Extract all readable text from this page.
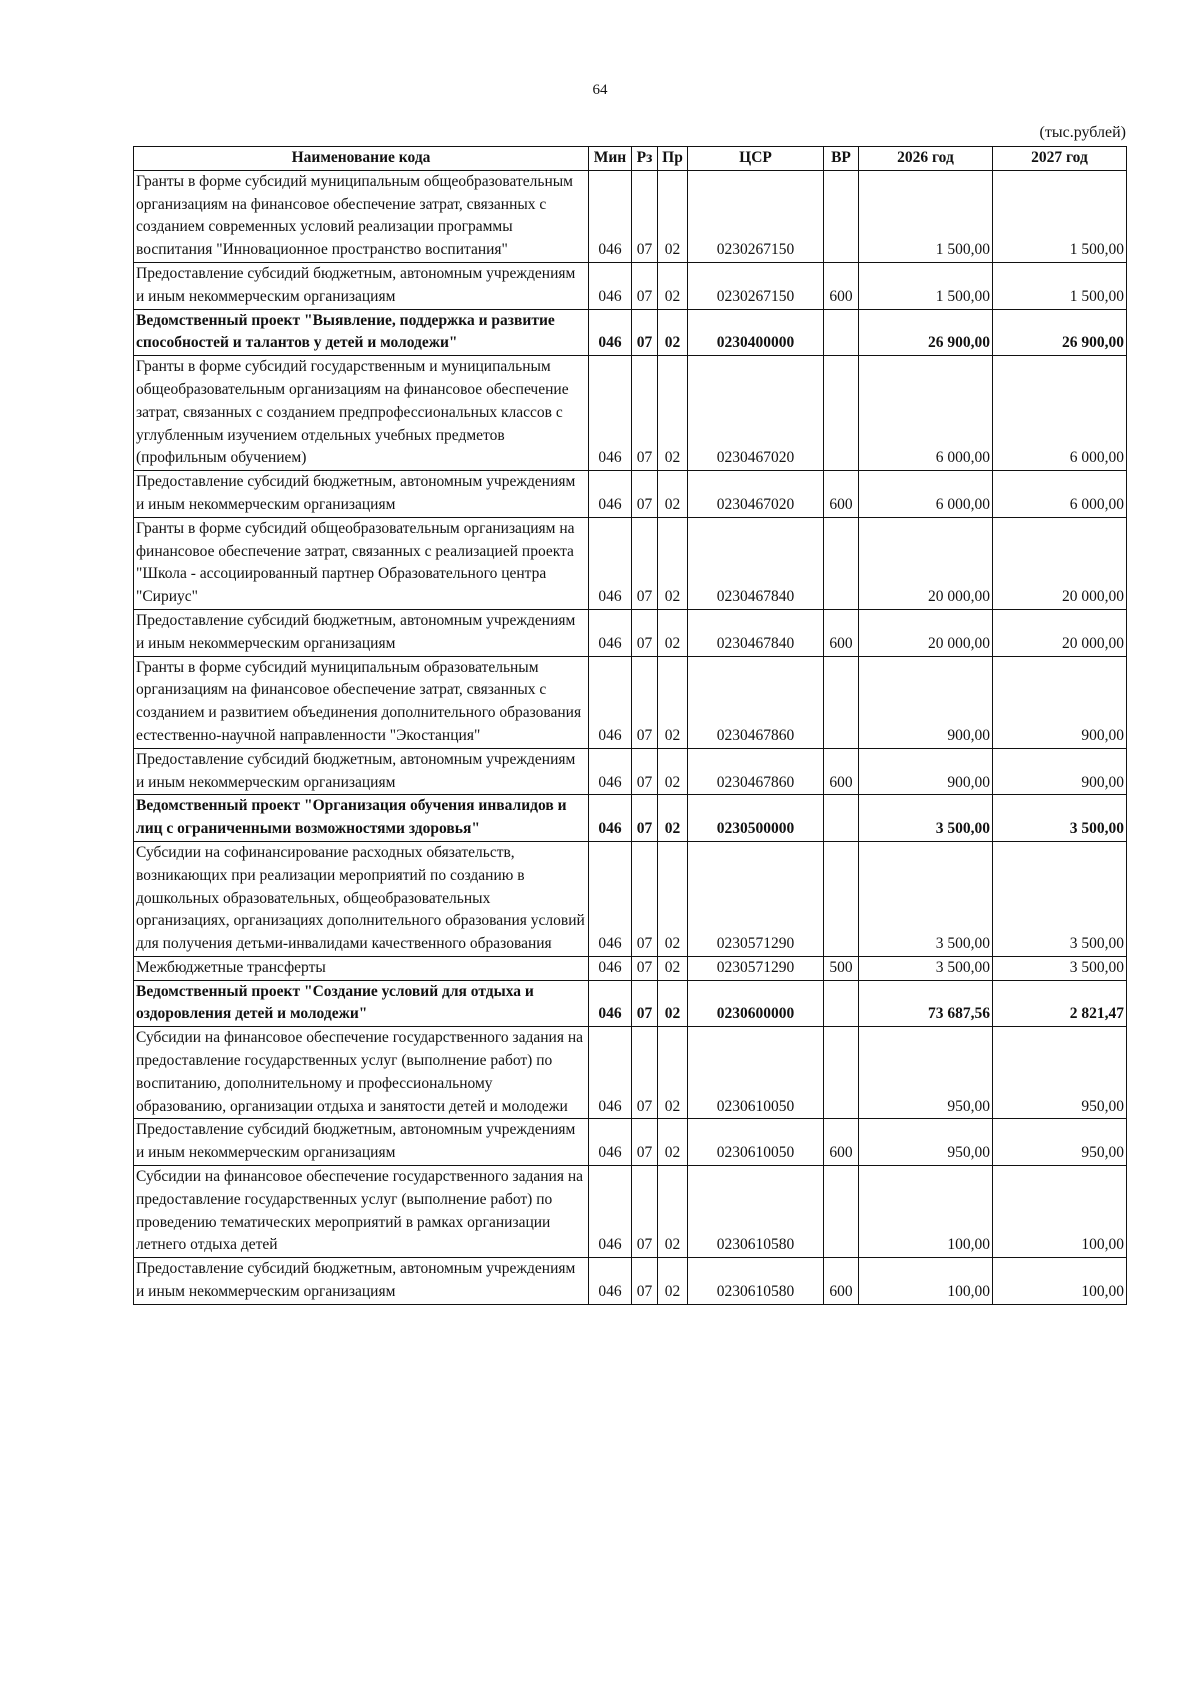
64
(тыс.рублей)
Наименование кода	Мин	Рз	Пр	ЦСР	ВР	2026 год	2027 год
Гранты в форме субсидий муниципальным общеобразовательным организациям на финансовое обеспечение затрат, связанных с созданием современных условий реализации программы воспитания "Инновационное пространство воспитания"	046	07	02	0230267150		1 500,00	1 500,00
Предоставление субсидий бюджетным, автономным учреждениям и иным некоммерческим организациям	046	07	02	0230267150	600	1 500,00	1 500,00
Ведомственный проект "Выявление, поддержка и развитие способностей и талантов у детей и молодежи"	046	07	02	0230400000		26 900,00	26 900,00
Гранты в форме субсидий государственным и муниципальным общеобразовательным организациям на финансовое обеспечение затрат, связанных с созданием предпрофессиональных классов с углубленным изучением отдельных учебных предметов (профильным обучением)	046	07	02	0230467020		6 000,00	6 000,00
Предоставление субсидий бюджетным, автономным учреждениям и иным некоммерческим организациям	046	07	02	0230467020	600	6 000,00	6 000,00
Гранты в форме субсидий общеобразовательным организациям на финансовое обеспечение затрат, связанных с реализацией проекта "Школа - ассоциированный партнер Образовательного центра "Сириус"	046	07	02	0230467840		20 000,00	20 000,00
Предоставление субсидий бюджетным, автономным учреждениям и иным некоммерческим организациям	046	07	02	0230467840	600	20 000,00	20 000,00
Гранты в форме субсидий муниципальным образовательным организациям на финансовое обеспечение затрат, связанных с созданием и развитием объединения дополнительного образования естественно-научной направленности "Экостанция"	046	07	02	0230467860		900,00	900,00
Предоставление субсидий бюджетным, автономным учреждениям и иным некоммерческим организациям	046	07	02	0230467860	600	900,00	900,00
Ведомственный проект "Организация обучения инвалидов и лиц с ограниченными возможностями здоровья"	046	07	02	0230500000		3 500,00	3 500,00
Субсидии на софинансирование расходных обязательств, возникающих при реализации мероприятий по созданию в дошкольных образовательных, общеобразовательных организациях, организациях дополнительного образования условий для получения детьми-инвалидами качественного образования	046	07	02	0230571290		3 500,00	3 500,00
Межбюджетные трансферты	046	07	02	0230571290	500	3 500,00	3 500,00
Ведомственный проект "Создание условий для отдыха и оздоровления детей и молодежи"	046	07	02	0230600000		73 687,56	2 821,47
Субсидии на финансовое обеспечение государственного задания на предоставление государственных услуг (выполнение работ) по воспитанию, дополнительному и профессиональному образованию, организации отдыха и занятости детей и молодежи	046	07	02	0230610050		950,00	950,00
Предоставление субсидий бюджетным, автономным учреждениям и иным некоммерческим организациям	046	07	02	0230610050	600	950,00	950,00
Субсидии на финансовое обеспечение государственного задания на предоставление государственных услуг (выполнение работ) по проведению тематических мероприятий в рамках организации летнего отдыха детей	046	07	02	0230610580		100,00	100,00
Предоставление субсидий бюджетным, автономным учреждениям и иным некоммерческим организациям	046	07	02	0230610580	600	100,00	100,00
